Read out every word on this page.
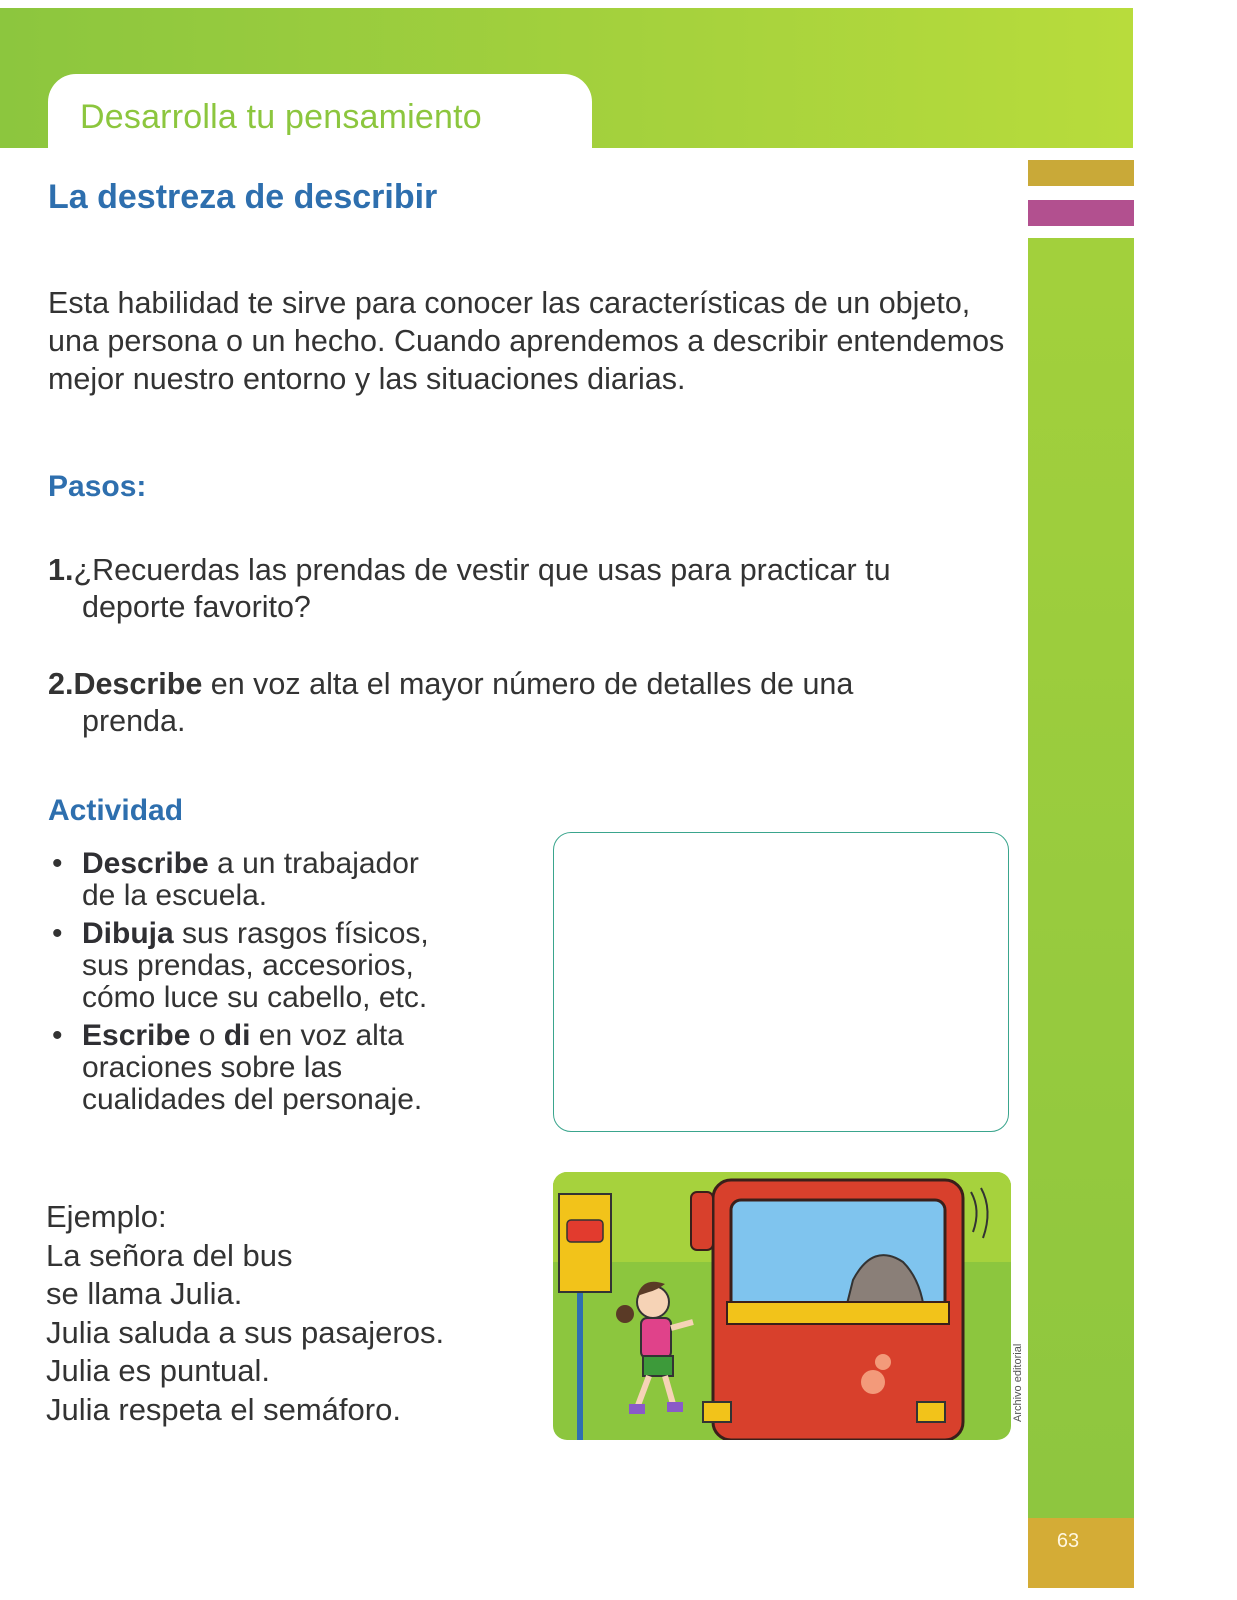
63
Desarrolla tu pensamiento
La destreza de describir

Esta habilidad te sirve para conocer las características de un objeto, una persona o un hecho. Cuando aprendemos a describir entendemos mejor nuestro entorno y las situaciones diarias.

Pasos:
1.¿Recuerdas las prendas de vestir que usas para practicar tu
deporte favorito?
2.Describe en voz alta el mayor número de detalles de una
prenda.
Actividad
• Describe a un trabajador
de la escuela.
• Dibuja sus rasgos físicos,
sus prendas, accesorios,
cómo luce su cabello, etc.
• Escribe o di en voz alta
oraciones sobre las
cualidades del personaje.
Ejemplo:
La señora del bus
se llama Julia.
Julia saluda a sus pasajeros.
Julia es puntual.
Julia respeta el semáforo.	Archivo editorial
